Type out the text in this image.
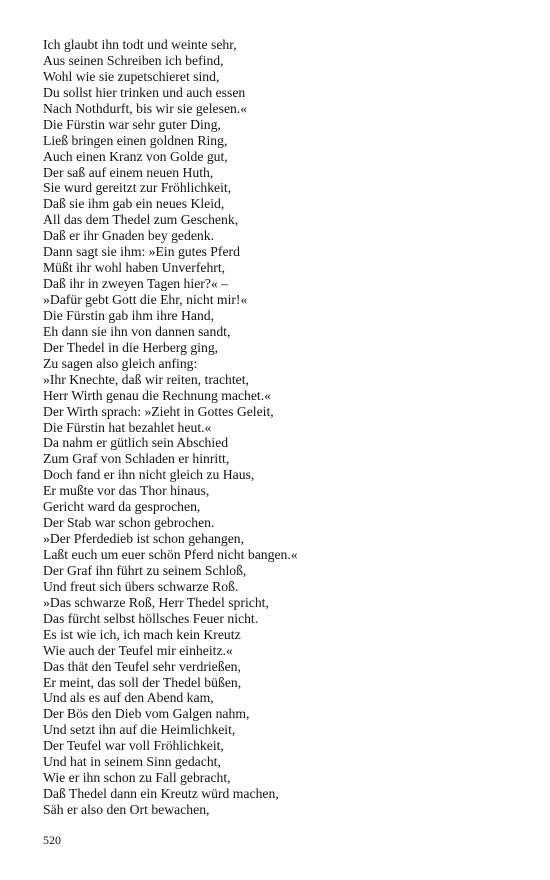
Ich glaubt ihn todt und weinte sehr,
Aus seinen Schreiben ich befind,
Wohl wie sie zupetschieret sind,
Du sollst hier trinken und auch essen
Nach Nothdurft, bis wir sie gelesen.«
Die Fürstin war sehr guter Ding,
Ließ bringen einen goldnen Ring,
Auch einen Kranz von Golde gut,
Der saß auf einem neuen Huth,
Sie wurd gereitzt zur Fröhlichkeit,
Daß sie ihm gab ein neues Kleid,
All das dem Thedel zum Geschenk,
Daß er ihr Gnaden bey gedenk.
Dann sagt sie ihm: »Ein gutes Pferd
Müßt ihr wohl haben Unverfehrt,
Daß ihr in zweyen Tagen hier?« –
»Dafür gebt Gott die Ehr, nicht mir!«
Die Fürstin gab ihm ihre Hand,
Eh dann sie ihn von dannen sandt,
Der Thedel in die Herberg ging,
Zu sagen also gleich anfing:
»Ihr Knechte, daß wir reiten, trachtet,
Herr Wirth genau die Rechnung machet.«
Der Wirth sprach: »Zieht in Gottes Geleit,
Die Fürstin hat bezahlet heut.«
Da nahm er gütlich sein Abschied
Zum Graf von Schladen er hinritt,
Doch fand er ihn nicht gleich zu Haus,
Er mußte vor das Thor hinaus,
Gericht ward da gesprochen,
Der Stab war schon gebrochen.
»Der Pferdedieb ist schon gehangen,
Laßt euch um euer schön Pferd nicht bangen.«
Der Graf ihn führt zu seinem Schloß,
Und freut sich übers schwarze Roß.
»Das schwarze Roß, Herr Thedel spricht,
Das fürcht selbst höllsches Feuer nicht.
Es ist wie ich, ich mach kein Kreutz
Wie auch der Teufel mir einheitz.«
Das thät den Teufel sehr verdrießen,
Er meint, das soll der Thedel büßen,
Und als es auf den Abend kam,
Der Bös den Dieb vom Galgen nahm,
Und setzt ihn auf die Heimlichkeit,
Der Teufel war voll Fröhlichkeit,
Und hat in seinem Sinn gedacht,
Wie er ihn schon zu Fall gebracht,
Daß Thedel dann ein Kreutz würd machen,
Säh er also den Ort bewachen,
520
